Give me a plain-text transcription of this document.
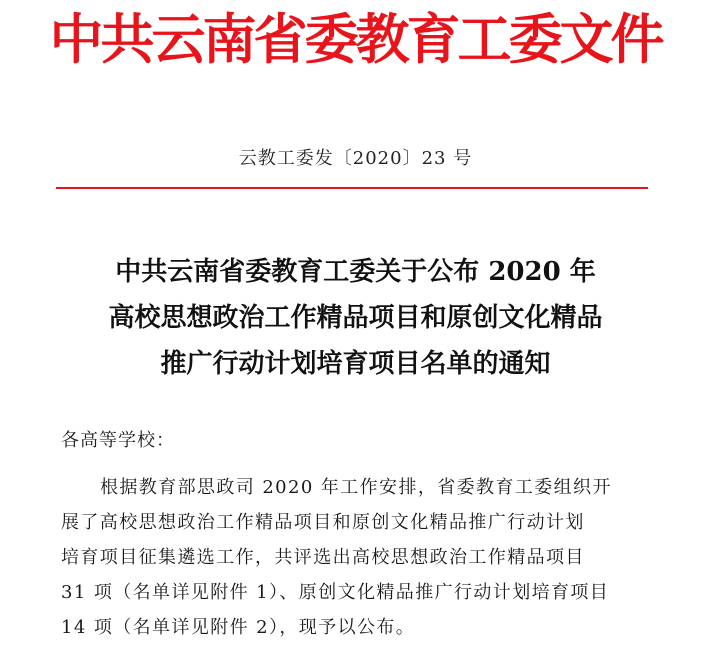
中共云南省委教育工委文件
云教工委发〔2020〕23 号
中共云南省委教育工委关于公布 2020 年
高校思想政治工作精品项目和原创文化精品
推广行动计划培育项目名单的通知
各高等学校：
根据教育部思政司 2020 年工作安排，省委教育工委组织开
展了高校思想政治工作精品项目和原创文化精品推广行动计划
培育项目征集遴选工作，共评选出高校思想政治工作精品项目
31 项（名单详见附件 1）、原创文化精品推广行动计划培育项目
14 项（名单详见附件 2），现予以公布。
